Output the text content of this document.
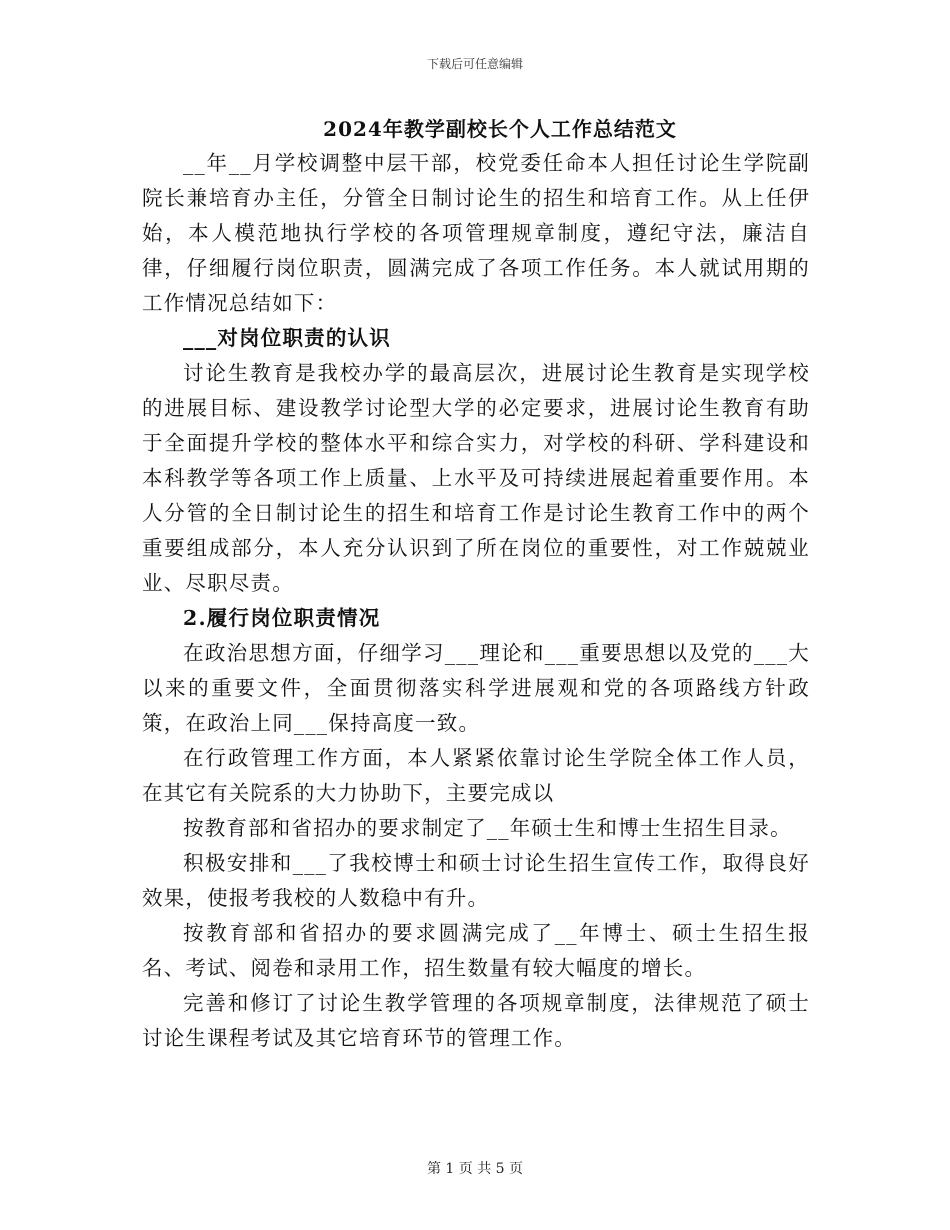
下载后可任意编辑
2024年教学副校长个人工作总结范文

__年__月学校调整中层干部，校党委任命本人担任讨论生学院副院长兼培育办主任，分管全日制讨论生的招生和培育工作。从上任伊始，本人模范地执行学校的各项管理规章制度，遵纪守法，廉洁自律，仔细履行岗位职责，圆满完成了各项工作任务。本人就试用期的工作情况总结如下：

___对岗位职责的认识

讨论生教育是我校办学的最高层次，进展讨论生教育是实现学校的进展目标、建设教学讨论型大学的必定要求，进展讨论生教育有助于全面提升学校的整体水平和综合实力，对学校的科研、学科建设和本科教学等各项工作上质量、上水平及可持续进展起着重要作用。本人分管的全日制讨论生的招生和培育工作是讨论生教育工作中的两个重要组成部分，本人充分认识到了所在岗位的重要性，对工作兢兢业业、尽职尽责。

2.履行岗位职责情况

在政治思想方面，仔细学习___理论和___重要思想以及党的___大以来的重要文件，全面贯彻落实科学进展观和党的各项路线方针政策，在政治上同___保持高度一致。

在行政管理工作方面，本人紧紧依靠讨论生学院全体工作人员，在其它有关院系的大力协助下，主要完成以

按教育部和省招办的要求制定了__年硕士生和博士生招生目录。

积极安排和___了我校博士和硕士讨论生招生宣传工作，取得良好效果，使报考我校的人数稳中有升。

按教育部和省招办的要求圆满完成了__年博士、硕士生招生报名、考试、阅卷和录用工作，招生数量有较大幅度的增长。

完善和修订了讨论生教学管理的各项规章制度，法律规范了硕士讨论生课程考试及其它培育环节的管理工作。

第 1 页 共 5 页
